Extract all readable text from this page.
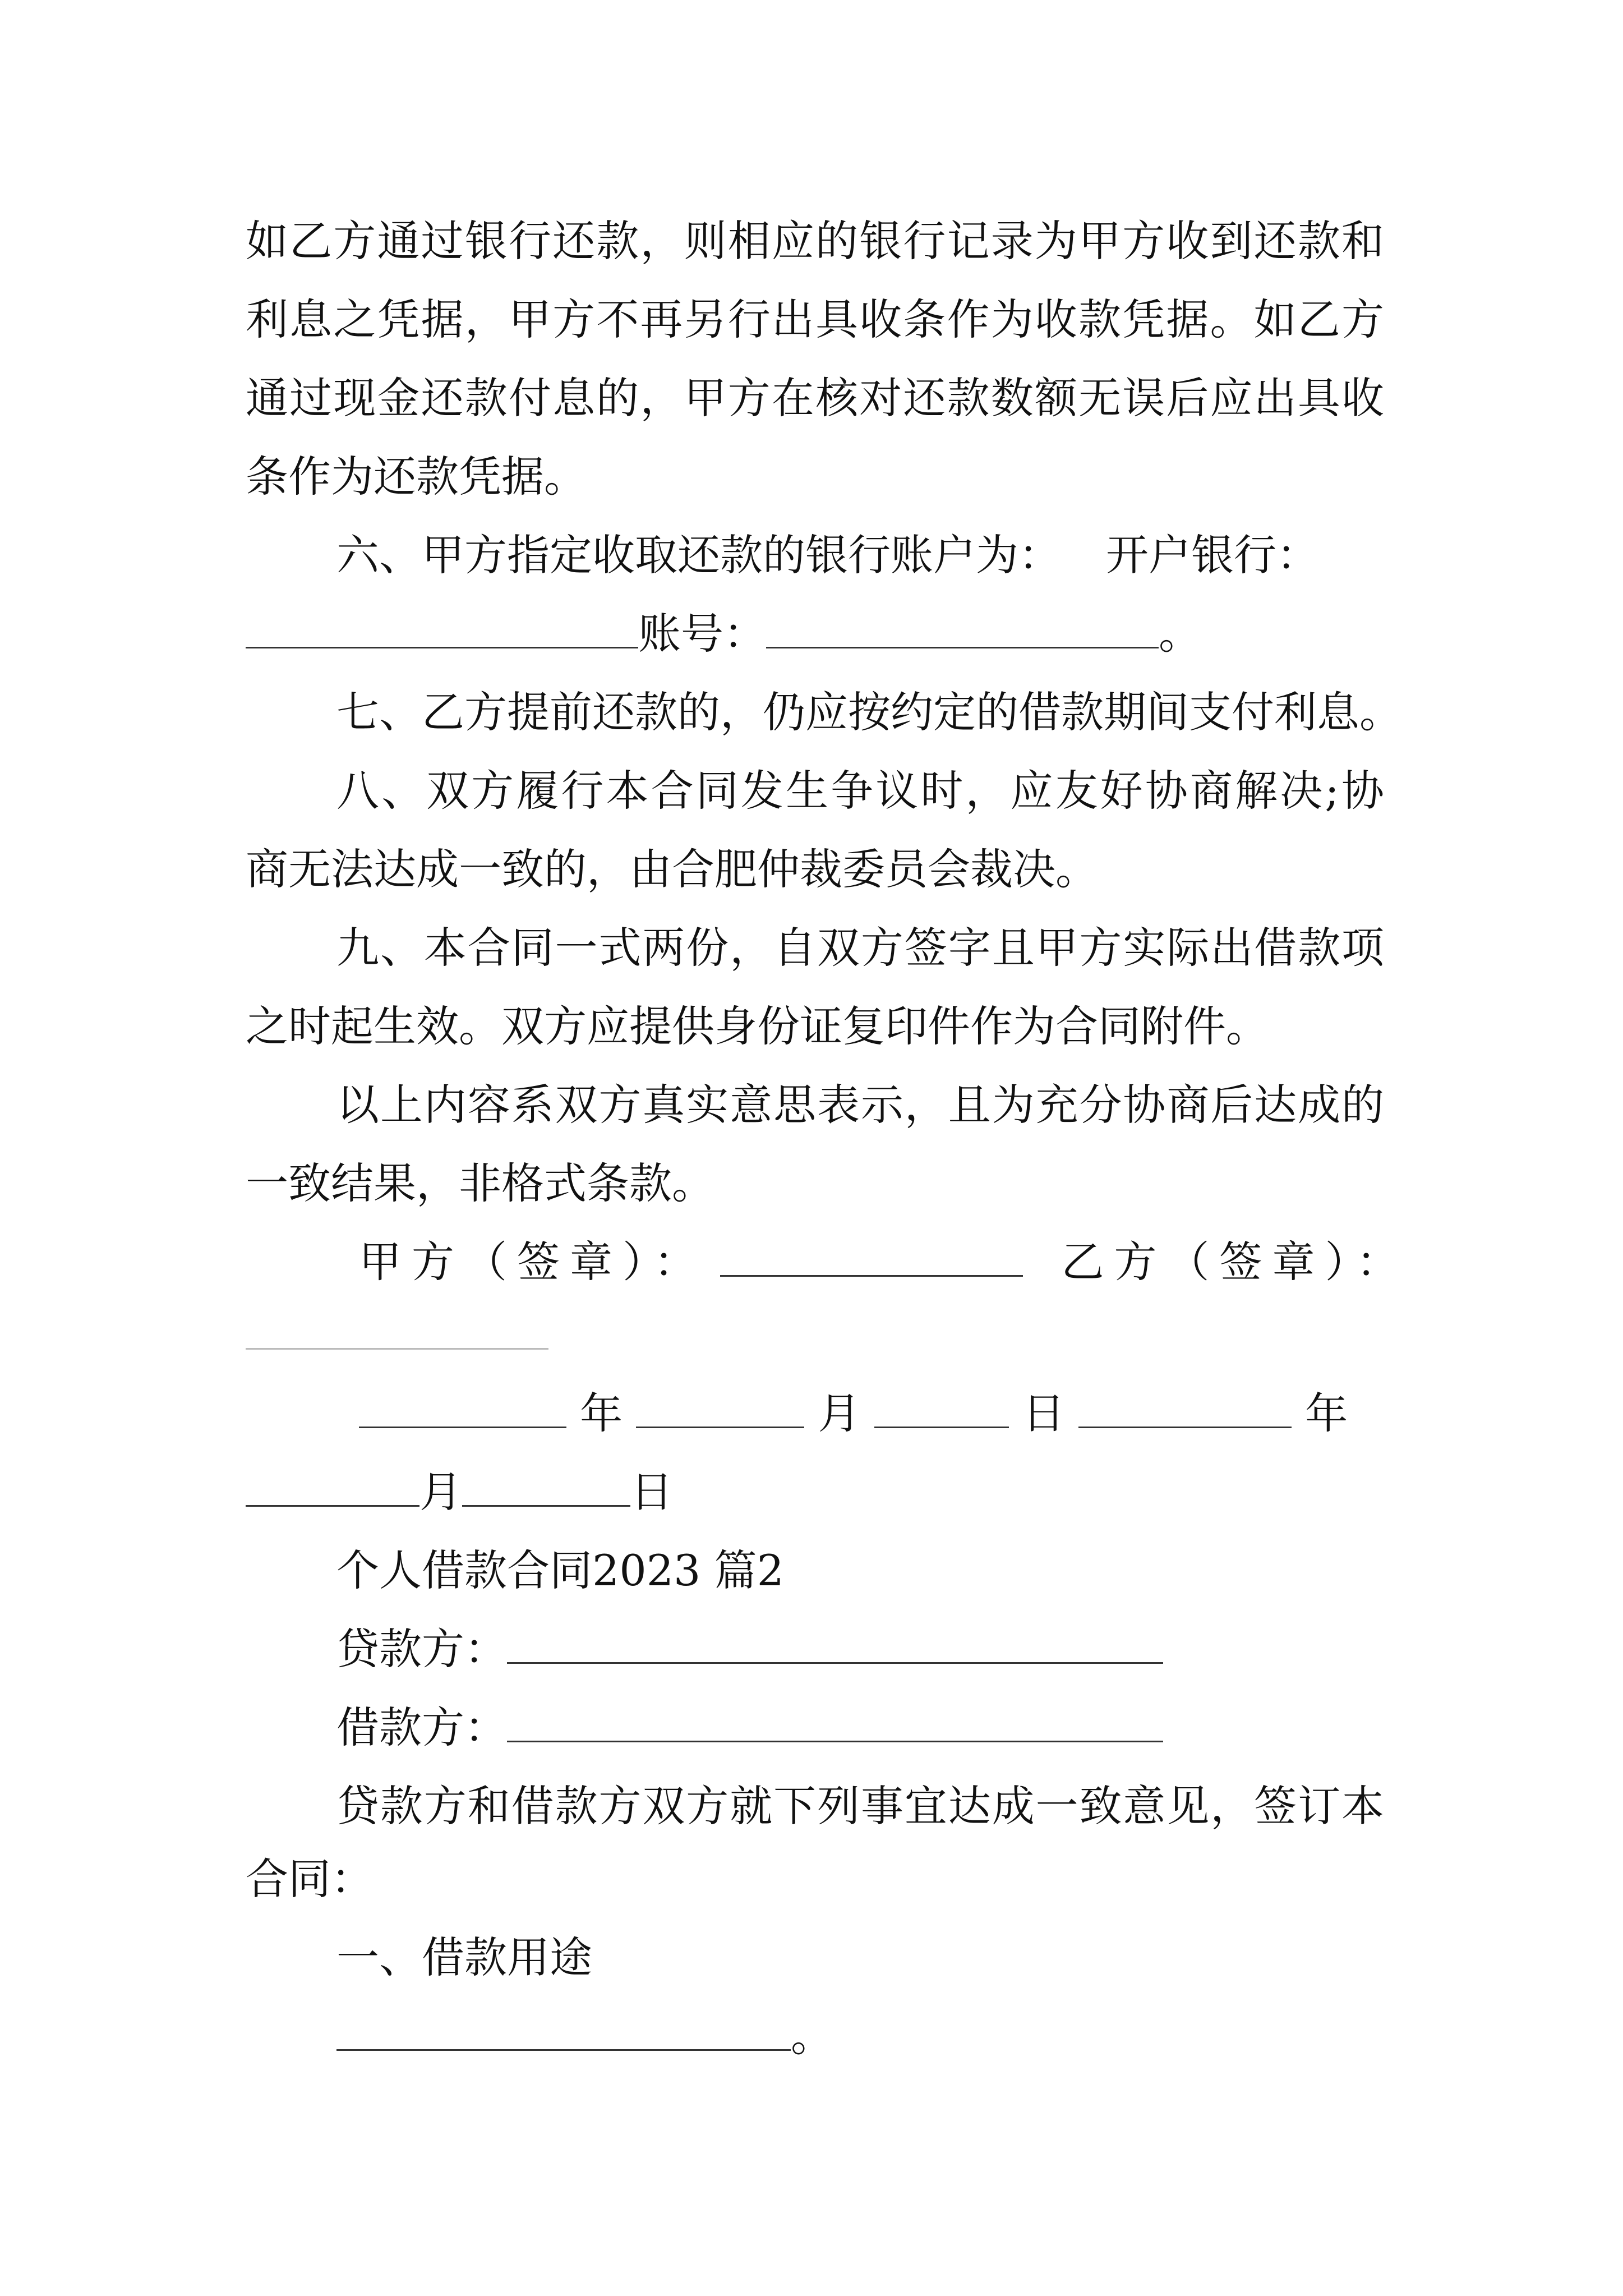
如乙方通过银行还款，则相应的银行记录为甲方收到还款和
利息之凭据，甲方不再另行出具收条作为收款凭据。如乙方
通过现金还款付息的，甲方在核对还款数额无误后应出具收
条作为还款凭据。
六、甲方指定收取还款的银行账户为： 开户银行：
账号：	。
七、乙方提前还款的，仍应按约定的借款期间支付利息。
八、双方履行本合同发生争议时，应友好协商解决;协
商无法达成一致的，由合肥仲裁委员会裁决。
九、本合同一式两份，自双方签字且甲方实际出借款项
之时起生效。双方应提供身份证复印件作为合同附件。
以上内容系双方真实意思表示，且为充分协商后达成的
一致结果，非格式条款。
甲方（签章）：	乙方（签章）：
年	月	日	年
月	日
个人借款合同2023 篇2
贷款方：
借款方：
贷款方和借款方双方就下列事宜达成一致意见，签订本
合同：
一、借款用途
。
